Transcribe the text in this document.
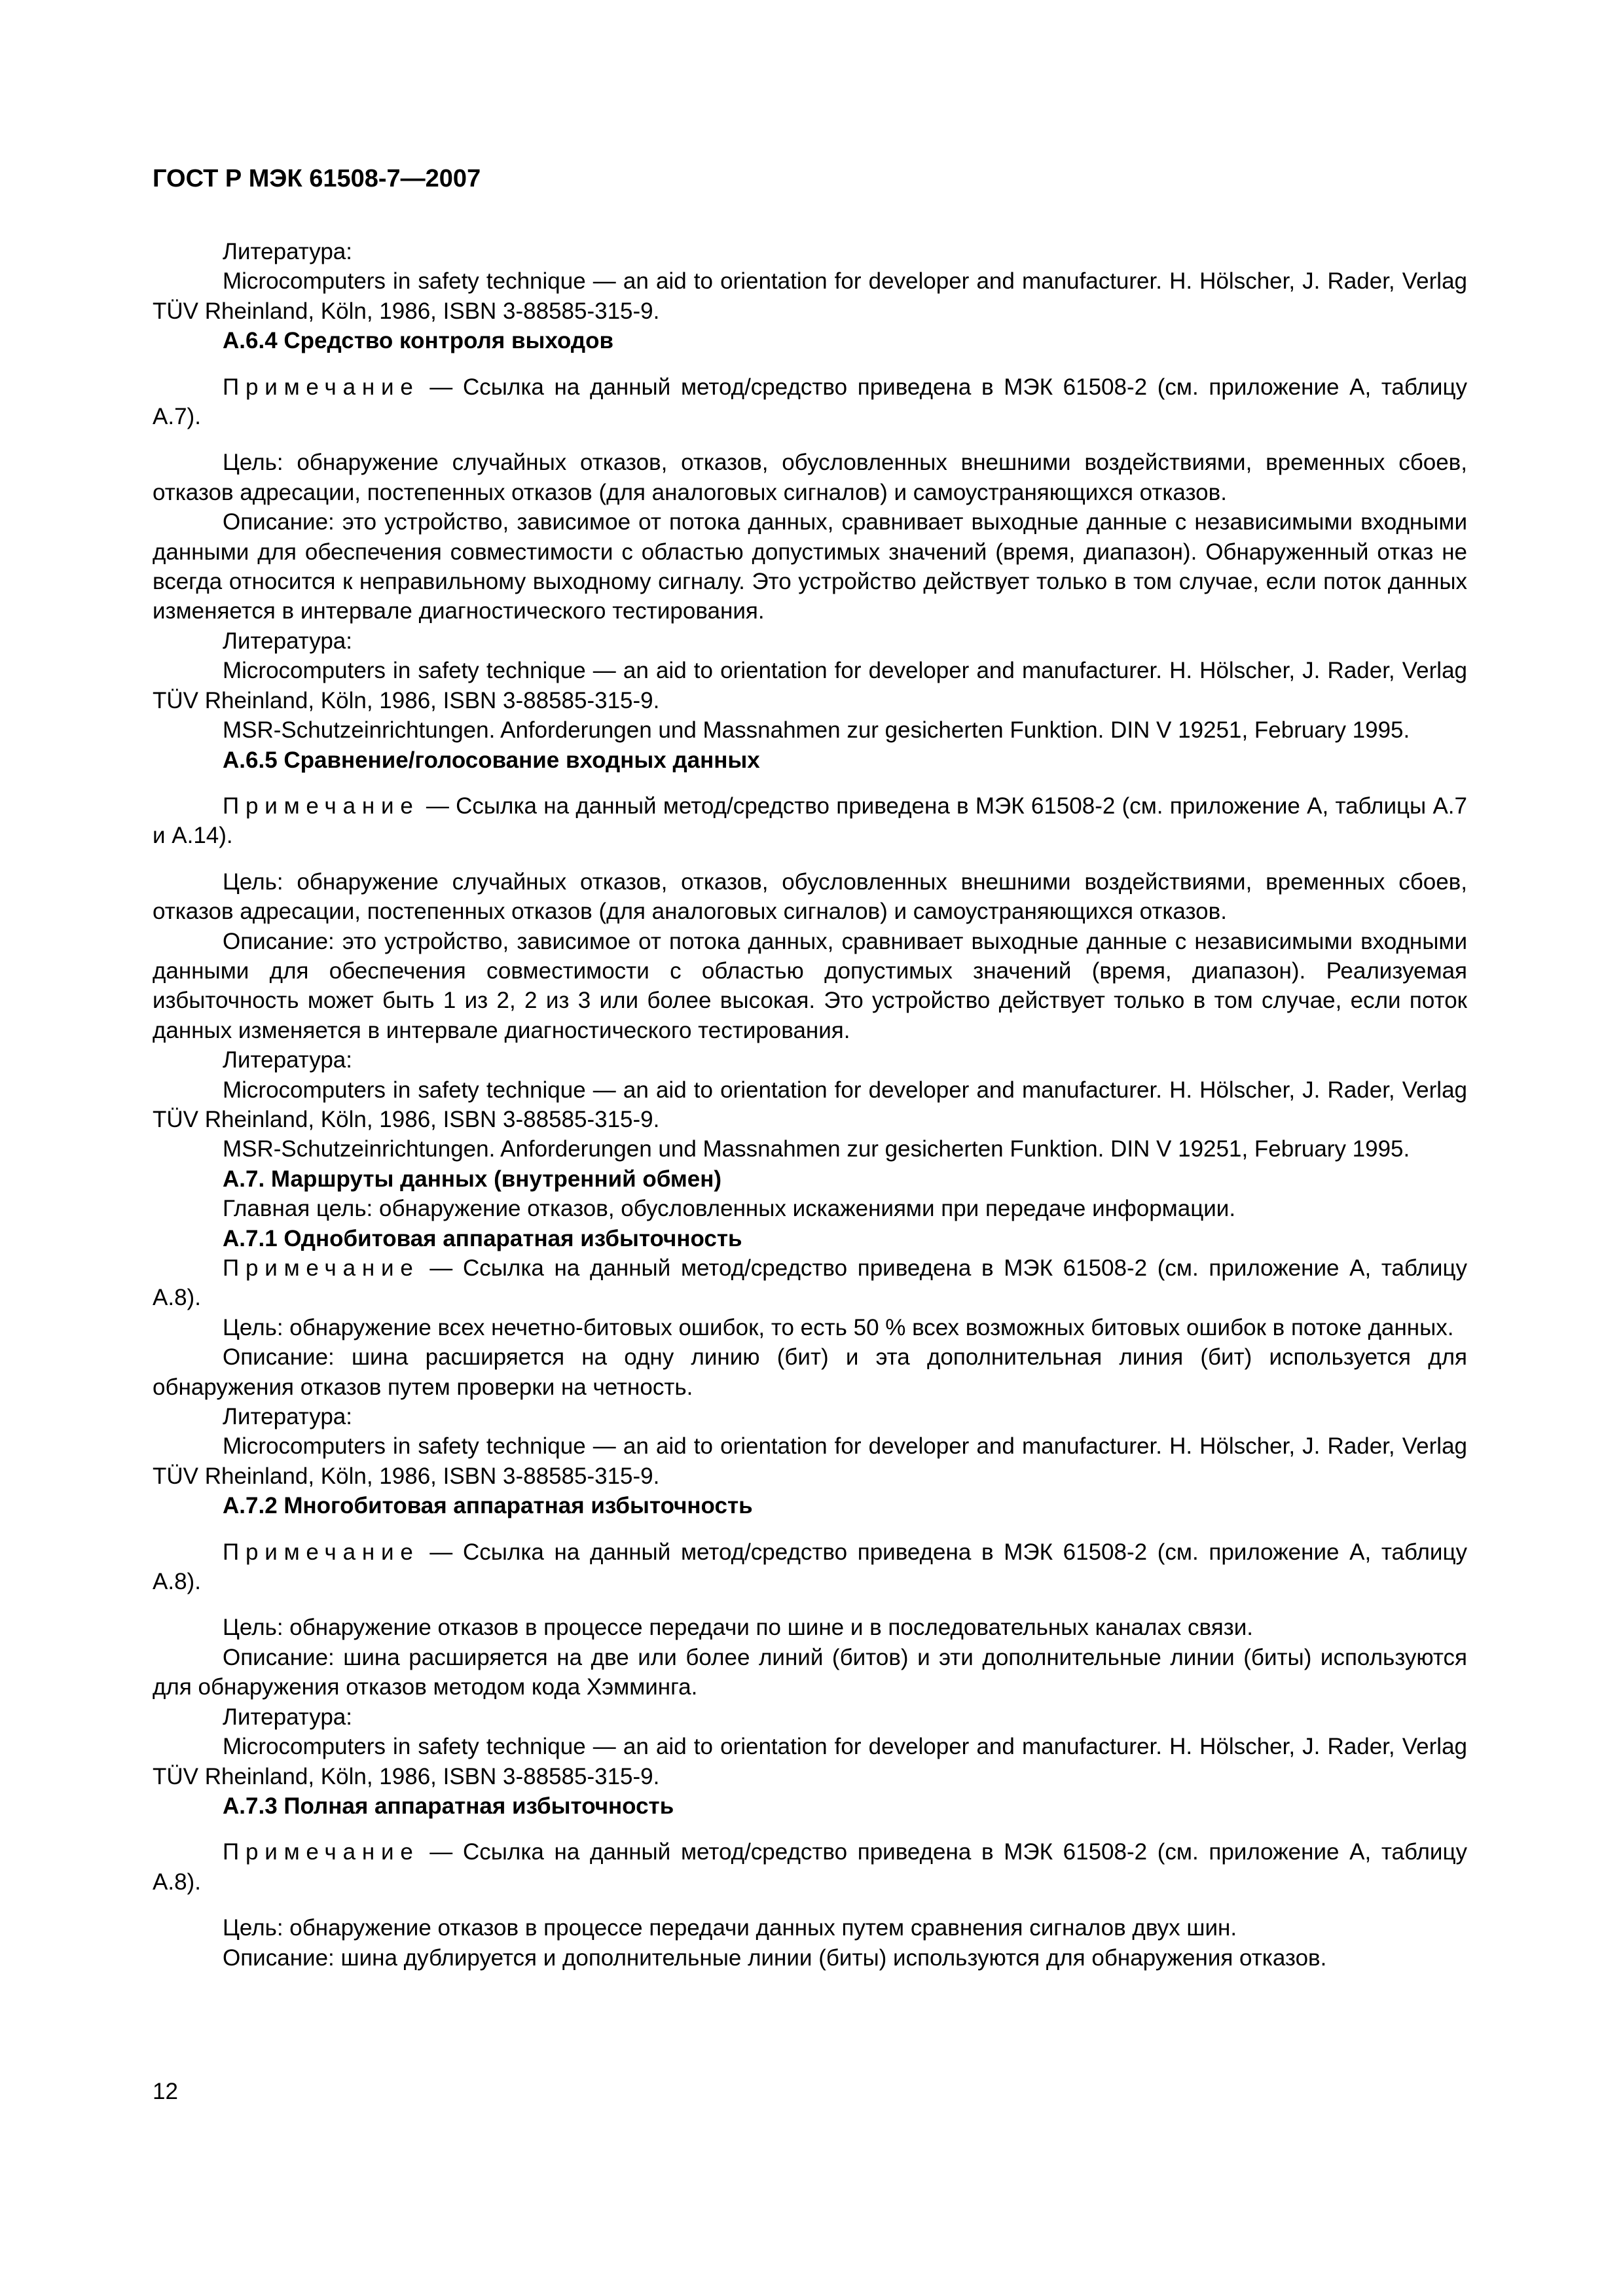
ГОСТ Р МЭК 61508-7—2007

Литература:

Microcomputers in safety technique — an aid to orientation for developer and manufacturer. H. Hölscher, J. Rader, Verlag TÜV Rheinland, Köln, 1986, ISBN 3-88585-315-9.

A.6.4 Средство контроля выходов

Примечание — Ссылка на данный метод/средство приведена в МЭК 61508-2 (см. приложение А, таблицу А.7).

Цель: обнаружение случайных отказов, отказов, обусловленных внешними воздействиями, временных сбоев, отказов адресации, постепенных отказов (для аналоговых сигналов) и самоустраняющихся отказов.

Описание: это устройство, зависимое от потока данных, сравнивает выходные данные с независимыми входными данными для обеспечения совместимости с областью допустимых значений (время, диапазон). Обнаруженный отказ не всегда относится к неправильному выходному сигналу. Это устройство действует только в том случае, если поток данных изменяется в интервале диагностического тестирования.

Литература:

Microcomputers in safety technique — an aid to orientation for developer and manufacturer. H. Hölscher, J. Rader, Verlag TÜV Rheinland, Köln, 1986, ISBN 3-88585-315-9.

MSR-Schutzeinrichtungen. Anforderungen und Massnahmen zur gesicherten Funktion. DIN V 19251, February 1995.

A.6.5 Сравнение/голосование входных данных

Примечание — Ссылка на данный метод/средство приведена в МЭК 61508-2 (см. приложение А, таблицы А.7 и А.14).

Цель: обнаружение случайных отказов, отказов, обусловленных внешними воздействиями, временных сбоев, отказов адресации, постепенных отказов (для аналоговых сигналов) и самоустраняющихся отказов.

Описание: это устройство, зависимое от потока данных, сравнивает выходные данные с независимыми входными данными для обеспечения совместимости с областью допустимых значений (время, диапазон). Реализуемая избыточность может быть 1 из 2, 2 из 3 или более высокая. Это устройство действует только в том случае, если поток данных изменяется в интервале диагностического тестирования.

Литература:

Microcomputers in safety technique — an aid to orientation for developer and manufacturer. H. Hölscher, J. Rader, Verlag TÜV Rheinland, Köln, 1986, ISBN 3-88585-315-9.

MSR-Schutzeinrichtungen. Anforderungen und Massnahmen zur gesicherten Funktion. DIN V 19251, February 1995.

A.7. Маршруты данных (внутренний обмен)

Главная цель: обнаружение отказов, обусловленных искажениями при передаче информации.

A.7.1 Однобитовая аппаратная избыточность

Примечание — Ссылка на данный метод/средство приведена в МЭК 61508-2 (см. приложение А, таблицу А.8).

Цель: обнаружение всех нечетно-битовых ошибок, то есть 50 % всех возможных битовых ошибок в потоке данных.

Описание: шина расширяется на одну линию (бит) и эта дополнительная линия (бит) используется для обнаружения отказов путем проверки на четность.

Литература:

Microcomputers in safety technique — an aid to orientation for developer and manufacturer. H. Hölscher, J. Rader, Verlag TÜV Rheinland, Köln, 1986, ISBN 3-88585-315-9.

A.7.2 Многобитовая аппаратная избыточность

Примечание — Ссылка на данный метод/средство приведена в МЭК 61508-2 (см. приложение А, таблицу А.8).

Цель: обнаружение отказов в процессе передачи по шине и в последовательных каналах связи.

Описание: шина расширяется на две или более линий (битов) и эти дополнительные линии (биты) используются для обнаружения отказов методом кода Хэмминга.

Литература:

Microcomputers in safety technique — an aid to orientation for developer and manufacturer. H. Hölscher, J. Rader, Verlag TÜV Rheinland, Köln, 1986, ISBN 3-88585-315-9.

A.7.3 Полная аппаратная избыточность

Примечание — Ссылка на данный метод/средство приведена в МЭК 61508-2 (см. приложение А, таблицу А.8).

Цель: обнаружение отказов в процессе передачи данных путем сравнения сигналов двух шин.

Описание: шина дублируется и дополнительные линии (биты) используются для обнаружения отказов.

12
